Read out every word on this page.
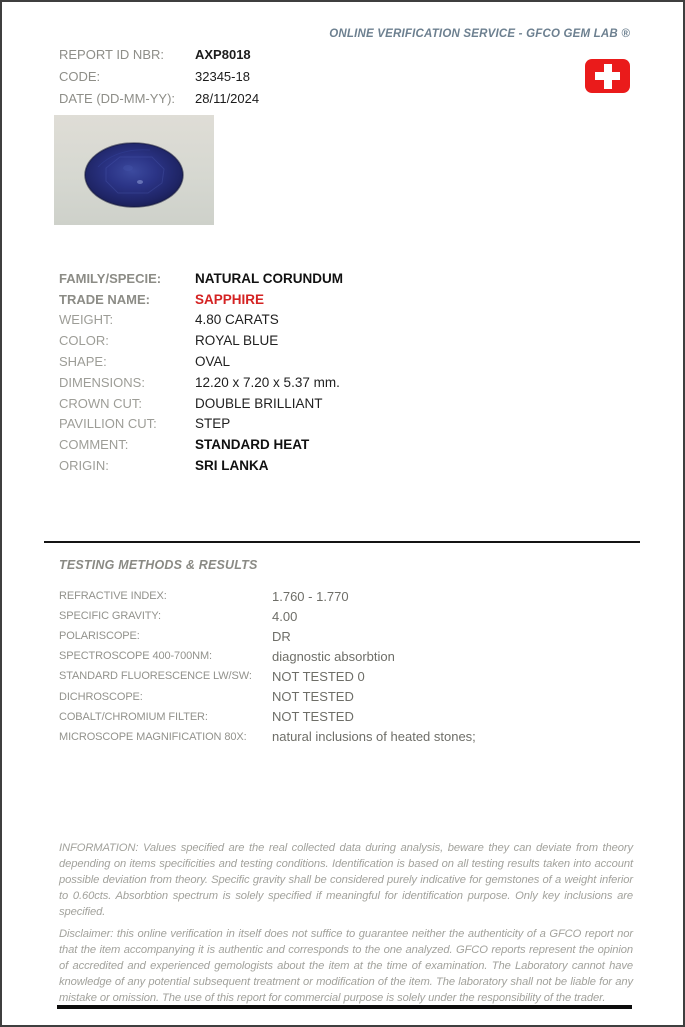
ONLINE VERIFICATION SERVICE - GFCO GEM LAB ®
REPORT ID NBR:	AXP8018
CODE:	32345-18
DATE (DD-MM-YY):	28/11/2024
FAMILY/SPECIE:	NATURAL CORUNDUM
TRADE NAME:	SAPPHIRE
WEIGHT:	4.80 CARATS
COLOR:	ROYAL BLUE
SHAPE:	OVAL
DIMENSIONS:	12.20 x 7.20 x 5.37 mm.
CROWN CUT:	DOUBLE BRILLIANT
PAVILLION CUT:	STEP
COMMENT:	STANDARD HEAT
ORIGIN:	SRI LANKA
TESTING METHODS & RESULTS
REFRACTIVE INDEX:	1.760 - 1.770
SPECIFIC GRAVITY:	4.00
POLARISCOPE:	DR
SPECTROSCOPE 400-700NM:	diagnostic absorbtion
STANDARD FLUORESCENCE LW/SW:	NOT TESTED 0
DICHROSCOPE:	NOT TESTED
COBALT/CHROMIUM FILTER:	NOT TESTED
MICROSCOPE MAGNIFICATION 80X:	natural inclusions of heated stones;

INFORMATION: Values specified are the real collected data during analysis, beware they can deviate from theory depending on items specificities and testing conditions. Identification is based on all testing results taken into account possible deviation from theory. Specific gravity shall be considered purely indicative for gemstones of a weight inferior to 0.60cts. Absorbtion spectrum is solely specified if meaningful for identification purpose. Only key inclusions are specified.

Disclaimer: this online verification in itself does not suffice to guarantee neither the authenticity of a GFCO report nor that the item accompanying it is authentic and corresponds to the one analyzed. GFCO reports represent the opinion of accredited and experienced gemologists about the item at the time of examination. The Laboratory cannot have knowledge of any potential subsequent treatment or modification of the item. The laboratory shall not be liable for any mistake or omission. The use of this report for commercial purpose is solely under the responsibility of the trader.
